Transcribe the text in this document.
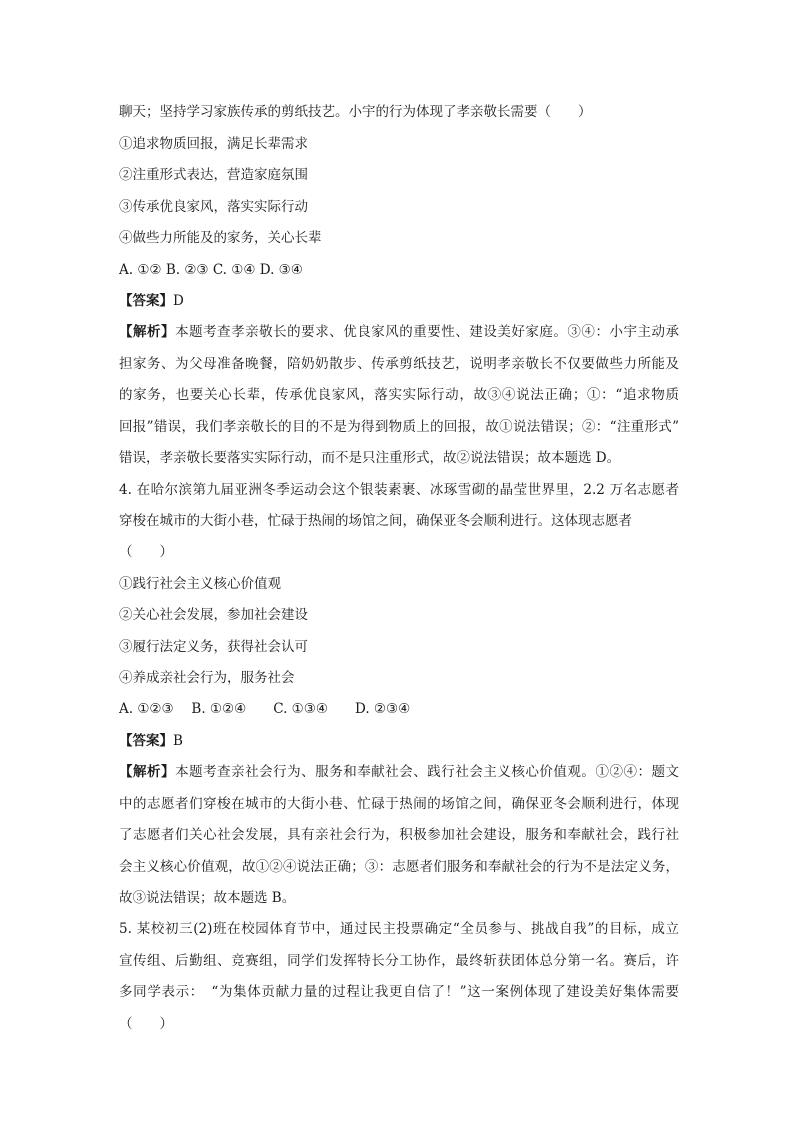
聊天；坚持学习家族传承的剪纸技艺。小宇的行为体现了孝亲敬长需要（　　）
①追求物质回报，满足长辈需求
②注重形式表达，营造家庭氛围
③传承优良家风，落实实际行动
④做些力所能及的家务，关心长辈
A. ①② B. ②③ C. ①④ D. ③④
【答案】D
【解析】本题考查孝亲敬长的要求、优良家风的重要性、建设美好家庭。③④：小宇主动承
担家务、为父母准备晚餐，陪奶奶散步、传承剪纸技艺，说明孝亲敬长不仅要做些力所能及
的家务，也要关心长辈，传承优良家风，落实实际行动，故③④说法正确；①：“追求物质
回报”错误，我们孝亲敬长的目的不是为得到物质上的回报，故①说法错误；②：“注重形式”
错误，孝亲敬长要落实实际行动，而不是只注重形式，故②说法错误；故本题选 D。
4. 在哈尔滨第九届亚洲冬季运动会这个银装素裹、冰琢雪砌的晶莹世界里，2.2 万名志愿者
穿梭在城市的大街小巷，忙碌于热闹的场馆之间，确保亚冬会顺利进行。这体现志愿者
（　　）
①践行社会主义核心价值观
②关心社会发展，参加社会建设
③履行法定义务，获得社会认可
④养成亲社会行为，服务社会
A. ①②③　 B. ①②④　　C. ①③④　　D. ②③④
【答案】B
【解析】本题考查亲社会行为、服务和奉献社会、践行社会主义核心价值观。①②④：题文
中的志愿者们穿梭在城市的大街小巷、忙碌于热闹的场馆之间，确保亚冬会顺利进行，体现
了志愿者们关心社会发展，具有亲社会行为，积极参加社会建设，服务和奉献社会，践行社
会主义核心价值观，故①②④说法正确；③：志愿者们服务和奉献社会的行为不是法定义务，
故③说法错误；故本题选 B。
5. 某校初三(2)班在校园体育节中，通过民主投票确定“全员参与、挑战自我”的目标，成立
宣传组、后勤组、竞赛组，同学们发挥特长分工协作，最终斩获团体总分第一名。赛后，许
多同学表示：　“为集体贡献力量的过程让我更自信了！”这一案例体现了建设美好集体需要
（　　）
